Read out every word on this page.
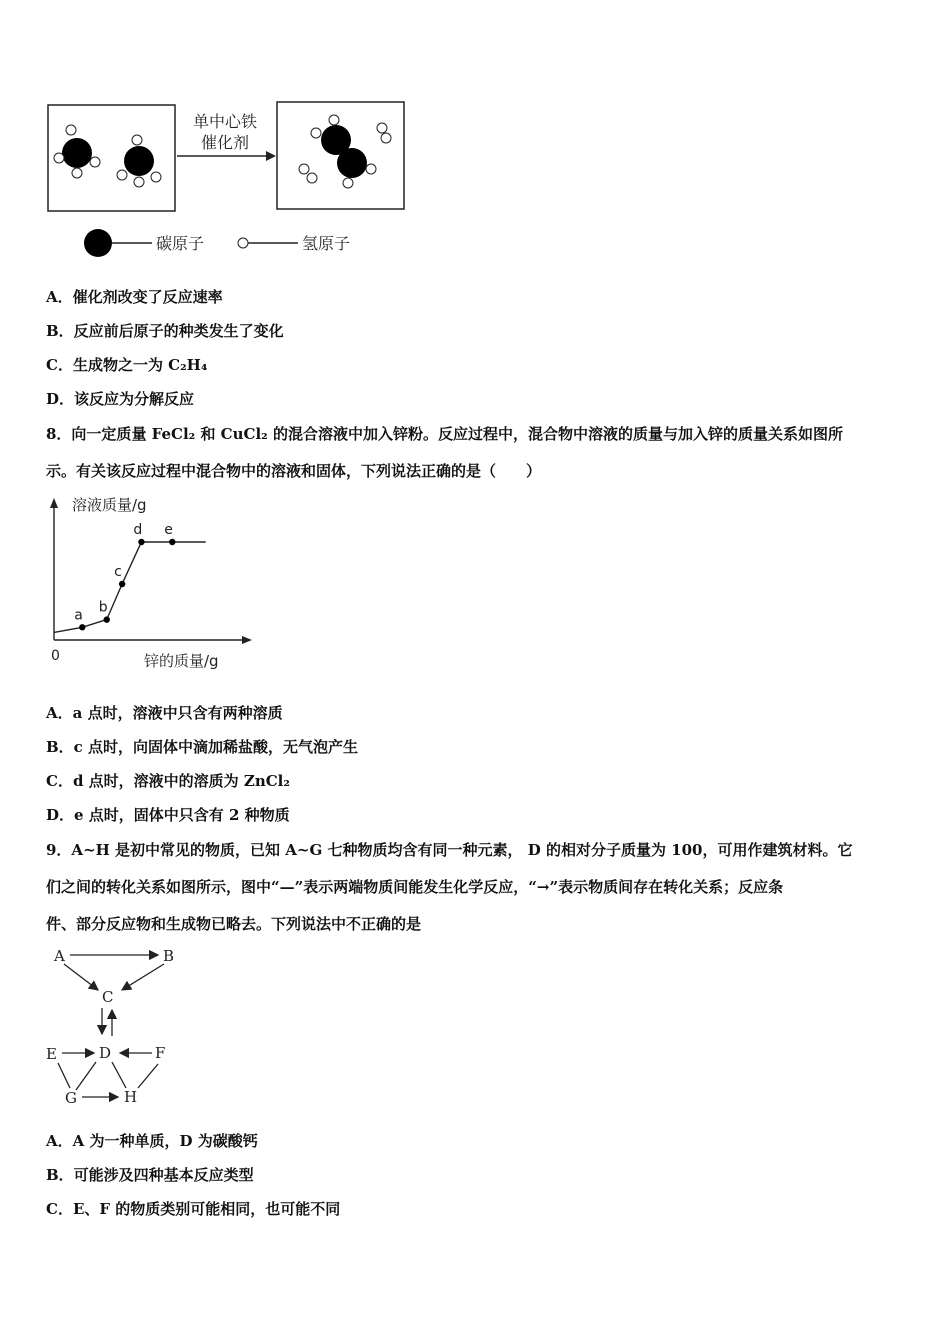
单中心铁
催化剂
碳原子	氢原子
A．催化剂改变了反应速率
B．反应前后原子的种类发生了变化
C．生成物之一为 C₂H₄
D．该反应为分解反应
8．向一定质量 FeCl₂ 和 CuCl₂ 的混合溶液中加入锌粉。反应过程中，混合物中溶液的质量与加入锌的质量关系如图所
示。有关该反应过程中混合物中的溶液和固体，下列说法正确的是（　　）
a b
c
d e
溶液质量/g
锌的质量/g
0
A．a 点时，溶液中只含有两种溶质
B．c 点时，向固体中滴加稀盐酸，无气泡产生
C．d 点时，溶液中的溶质为 ZnCl₂
D．e 点时，固体中只含有 2 种物质
9．A~H 是初中常见的物质，已知 A~G 七种物质均含有同一种元素， D 的相对分子质量为 100，可用作建筑材料。它
们之间的转化关系如图所示，图中“—”表示两端物质间能发生化学反应，“→”表示物质间存在转化关系；反应条
件、部分反应物和生成物已略去。下列说法中不正确的是
A	B
C
D
E	F
G	H
A．A 为一种单质，D 为碳酸钙
B．可能涉及四种基本反应类型
C．E、F 的物质类别可能相同，也可能不同
